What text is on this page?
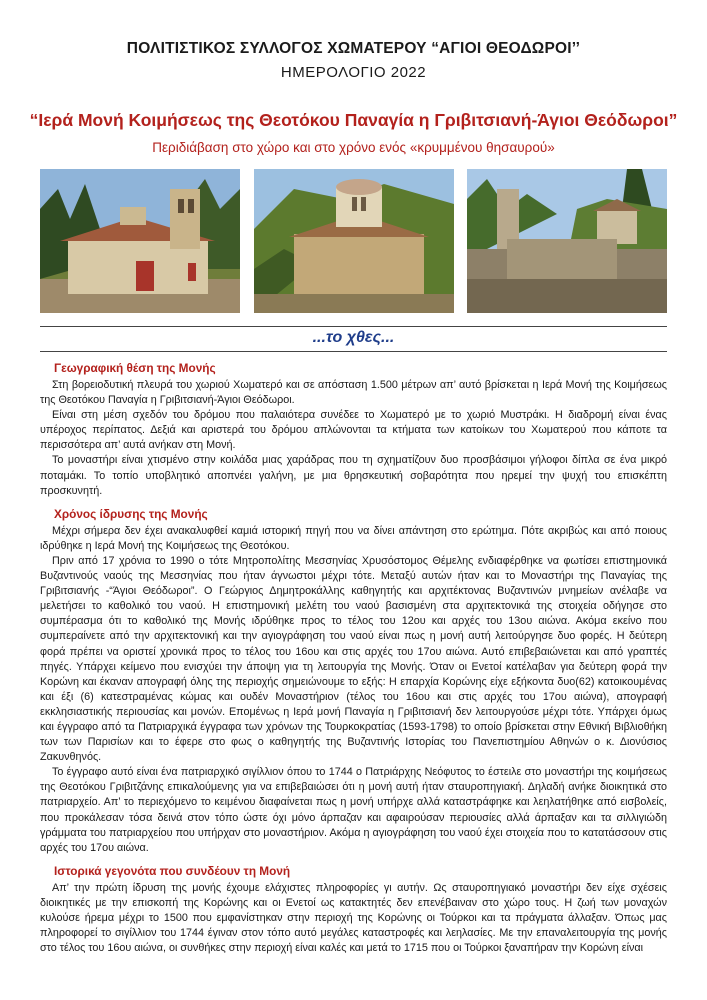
ΠΟΛΙΤΙΣΤΙΚΟΣ ΣΥΛΛΟΓΟΣ ΧΩΜΑΤΕΡΟΥ “ΑΓΙΟΙ ΘΕΟΔΩΡΟΙ’’
ΗΜΕΡΟΛΟΓΙΟ 2022
“Ιερά Μονή Κοιμήσεως της Θεοτόκου Παναγία η Γριβιτσιανή-Άγιοι Θεόδωροι”
Περιδιάβαση στο χώρο και στο χρόνο ενός «κρυμμένου θησαυρού»
...το χθες...
Γεωγραφική θέση της Μονής

Στη βορειοδυτική πλευρά του χωριού Χωματερό και σε απόσταση 1.500 μέτρων απ’ αυτό βρίσκεται η Ιερά Μονή της Κοιμήσεως της Θεοτόκου Παναγία η Γριβιτσιανή-Άγιοι Θεόδωροι.

Είναι στη μέση σχεδόν του δρόμου που παλαιότερα συνέδεε το Χωματερό με το χωριό Μυστράκι. Η διαδρομή είναι ένας υπέροχος περίπατος. Δεξιά και αριστερά του δρόμου απλώνονται τα κτήματα των κατοίκων του Χωματερού που κάποτε τα περισσότερα απ’ αυτά ανήκαν στη Μονή.

Το μοναστήρι είναι χτισμένο στην κοιλάδα μιας χαράδρας που τη σχηματίζουν δυο προσβάσιμοι γήλοφοι δίπλα σε ένα μικρό ποταμάκι. Το τοπίο υποβλητικό αποπνέει γαλήνη, με μια θρησκευτική σοβαρότητα που ηρεμεί την ψυχή του επισκέπτη προσκυνητή.

Χρόνος ίδρυσης της Μονής

Μέχρι σήμερα δεν έχει ανακαλυφθεί καμιά ιστορική πηγή που να δίνει απάντηση στο ερώτημα. Πότε ακριβώς και από ποιους ιδρύθηκε η Ιερά Μονή της Κοιμήσεως της Θεοτόκου.

Πριν από 17 χρόνια τo 1990 ο τότε Μητροπολίτης Μεσσηνίας Χρυσόστομος Θέμελης ενδιαφέρθηκε να φωτίσει επιστημονικά Βυζαντινούς ναούς της Μεσσηνίας που ήταν άγνωστοι μέχρι τότε. Μεταξύ αυτών ήταν και το Μοναστήρι της Παναγίας της Γριβιτσιανής -“Άγιοι Θεόδωροι”. Ο Γεώργιος Δημητροκάλλης καθηγητής και αρχιτέκτονας Βυζαντινών μνημείων ανέλαβε να μελετήσει το καθολικό του ναού. Η επιστημονική μελέτη του ναού βασισμένη στα αρχιτεκτονικά της στοιχεία οδήγησε στο συμπέρασμα ότι το καθολικό της Μονής ιδρύθηκε προς το τέλος του 12ου και αρχές του 13ου αιώνα. Ακόμα εκείνο που συμπεραίνετε από την αρχιτεκτονική και την αγιογράφηση του ναού είναι πως η μονή αυτή λειτούργησε δυο φορές. Η δεύτερη φορά πρέπει να οριστεί χρονικά προς το τέλος του 16ου και στις αρχές του 17ου αιώνα. Αυτό επιβεβαιώνεται και από γραπτές πηγές. Υπάρχει κείμενο που ενισχύει την άποψη για τη λειτουργία της Μονής. Όταν οι Ενετοί κατέλαβαν για δεύτερη φορά την Κορώνη και έκαναν απογραφή όλης της περιοχής σημειώνουμε το εξής: Η επαρχία Κορώνης είχε εξήκοντα δυο(62) κατοικουμένας και έξι (6) κατεστραμένας κώμας και ουδέν Μοναστήριον (τέλος του 16ου και στις αρχές του 17ου αιώνα), απογραφή εκκλησιαστικής περιουσίας και μονών. Επομένως η Ιερά μονή Παναγία η Γριβιτσιανή δεν λειτουργούσε μέχρι τότε. Υπάρχει όμως και έγγραφο από τα Πατριαρχικά έγγραφα των χρόνων της Τουρκοκρατίας (1593-1798) το οποίο βρίσκεται στην Εθνική Βιβλιοθήκη των των Παρισίων και το έφερε στο φως ο καθηγητής της Βυζαντινής Ιστορίας του Πανεπιστημίου Αθηνών ο κ. Διονύσιος Ζακυνθηνός.

Το έγγραφο αυτό είναι ένα πατριαρχικό σιγίλλιον όπου το 1744 ο Πατριάρχης Νεόφυτος το έστειλε στο μοναστήρι της κοιμήσεως της Θεοτόκου Γριβιτζάνης επικαλούμενης για να επιβεβαιώσει ότι η μονή αυτή ήταν σταυροπηγιακή. Δηλαδή ανήκε διοικητικά στο πατριαρχείο. Απ’ το περιεχόμενο το κειμένου διαφαίνεται πως η μονή υπήρχε αλλά καταστράφηκε και λεηλατήθηκε από εισβολείς, που προκάλεσαν τόσα δεινά στον τόπο ώστε όχι μόνο άρπαζαν και αφαιρούσαν περιουσίες αλλά άρπαξαν και τα σιλλιγιώδη γράμματα του πατριαρχείου που υπήρχαν στο μοναστήριον. Ακόμα η αγιογράφηση του ναού έχει στοιχεία που το κατατάσσουν στις αρχές του 17ου αιώνα.

Ιστορικά γεγονότα που συνδέουν τη Μονή

Απ’ την πρώτη ίδρυση της μονής έχουμε ελάχιστες πληροφορίες γι αυτήν. Ως σταυροπηγιακό μοναστήρι δεν είχε σχέσεις διοικητικές με την επισκοπή της Κορώνης και οι Ενετοί ως κατακτητές δεν επενέβαιναν στο χώρο τους. Η ζωή των μοναχών κυλούσε ήρεμα μέχρι το 1500 που εμφανίστηκαν στην περιοχή της Κορώνης οι Τούρκοι και τα πράγματα άλλαξαν. Όπως μας πληροφορεί το σιγίλλιον του 1744 έγιναν στον τόπο αυτό μεγάλες καταστροφές και λεηλασίες. Με την επαναλειτουργία της μονής στο τέλος του 16ου αιώνα, οι συνθήκες στην περιοχή είναι καλές και μετά το 1715 που οι Τούρκοι ξαναπήραν την Κορώνη είναι
